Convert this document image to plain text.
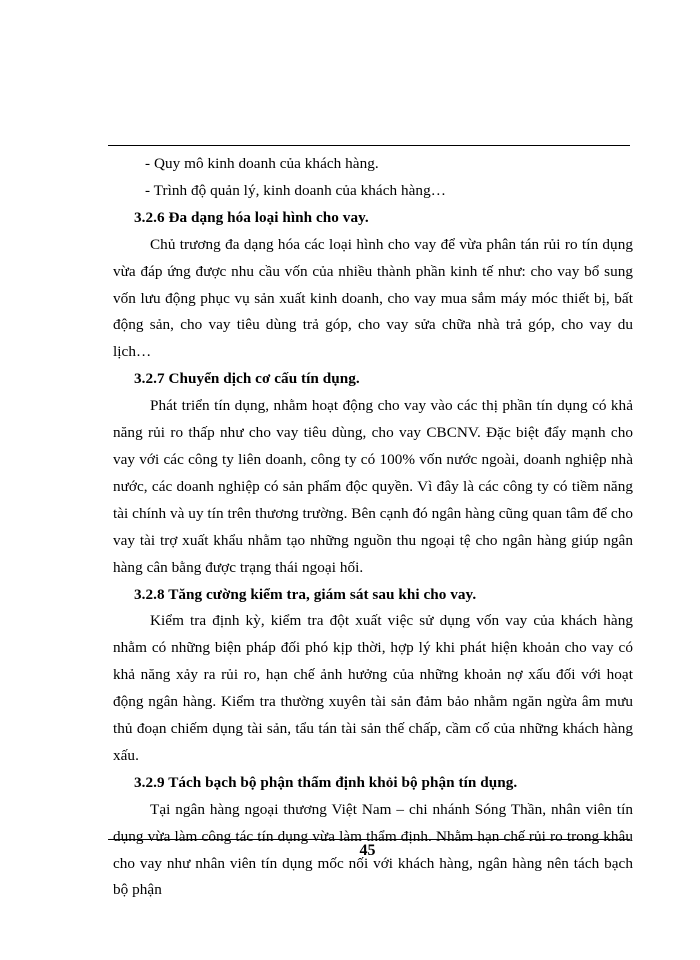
- Quy mô kinh doanh của khách hàng.

- Trình độ quản lý, kinh doanh của khách hàng…

3.2.6 Đa dạng hóa loại hình cho vay.

Chủ trương đa dạng hóa các loại hình cho vay để vừa phân tán rủi ro tín dụng vừa đáp ứng được nhu cầu vốn của nhiều thành phần kinh tế như: cho vay bổ sung vốn lưu động phục vụ sản xuất kinh doanh, cho vay mua sắm máy móc thiết bị, bất động sản, cho vay tiêu dùng trả góp, cho vay sửa chữa nhà trả góp, cho vay du lịch…

3.2.7 Chuyển dịch cơ cấu tín dụng.

Phát triển tín dụng, nhằm hoạt động cho vay vào các thị phần tín dụng có khả năng rủi ro thấp như cho vay tiêu dùng, cho vay CBCNV. Đặc biệt đẩy mạnh cho vay với các công ty liên doanh, công ty có 100% vốn nước ngoài, doanh nghiệp nhà nước, các doanh nghiệp có sản phẩm độc quyền. Vì đây là các công ty có tiềm năng tài chính và uy tín trên thương trường. Bên cạnh đó ngân hàng cũng quan tâm để cho vay tài trợ xuất khẩu nhằm tạo những nguồn thu ngoại tệ cho ngân hàng giúp ngân hàng cân bằng được trạng thái ngoại hối.

3.2.8 Tăng cường kiểm tra, giám sát sau khi cho vay.

Kiểm tra định kỳ, kiểm tra đột xuất việc sử dụng vốn vay của khách hàng nhằm có những biện pháp đối phó kịp thời, hợp lý khi phát hiện khoản cho vay có khả năng xảy ra rủi ro, hạn chế ảnh hưởng của những khoản nợ xấu đối với hoạt động ngân hàng. Kiểm tra thường xuyên tài sản đảm bảo nhằm ngăn ngừa âm mưu thủ đoạn chiếm dụng tài sản, tẩu tán tài sản thế chấp, cầm cố của những khách hàng xấu.

3.2.9 Tách bạch bộ phận thẩm định khỏi bộ phận tín dụng.

Tại ngân hàng ngoại thương Việt Nam – chi nhánh Sóng Thần, nhân viên tín dụng vừa làm công tác tín dụng vừa làm thẩm định. Nhằm hạn chế rủi ro trong khâu cho vay như nhân viên tín dụng mốc nối với khách hàng, ngân hàng nên tách bạch bộ phận

45
